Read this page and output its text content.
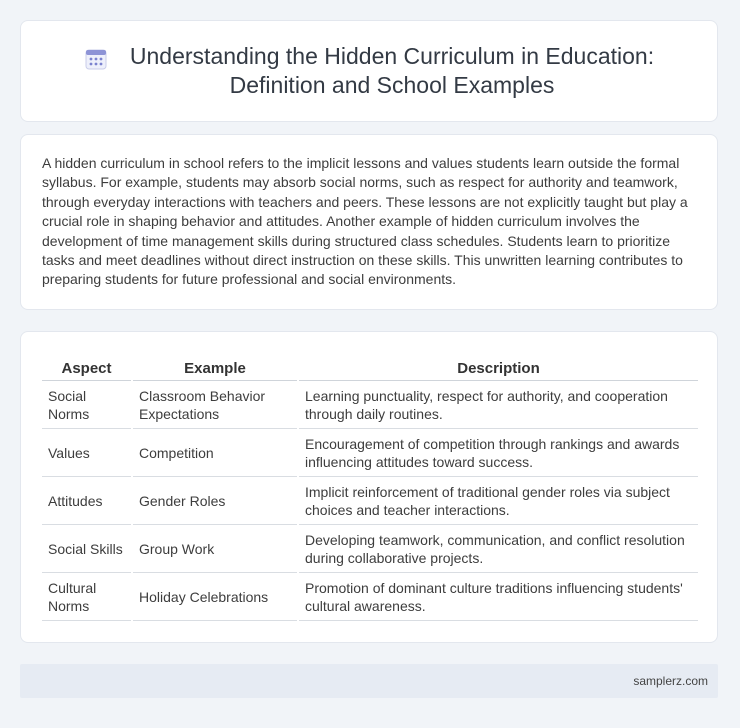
Understanding the Hidden Curriculum in Education:
Definition and School Examples

A hidden curriculum in school refers to the implicit lessons and values students learn outside the formal syllabus. For example, students may absorb social norms, such as respect for authority and teamwork, through everyday interactions with teachers and peers. These lessons are not explicitly taught but play a crucial role in shaping behavior and attitudes. Another example of hidden curriculum involves the development of time management skills during structured class schedules. Students learn to prioritize tasks and meet deadlines without direct instruction on these skills. This unwritten learning contributes to preparing students for future professional and social environments.

Aspect	Example	Description
Social Norms	Classroom Behavior Expectations	Learning punctuality, respect for authority, and cooperation through daily routines.
Values	Competition	Encouragement of competition through rankings and awards influencing attitudes toward success.
Attitudes	Gender Roles	Implicit reinforcement of traditional gender roles via subject choices and teacher interactions.
Social Skills	Group Work	Developing teamwork, communication, and conflict resolution during collaborative projects.
Cultural Norms	Holiday Celebrations	Promotion of dominant culture traditions influencing students' cultural awareness.
samplerz.com
